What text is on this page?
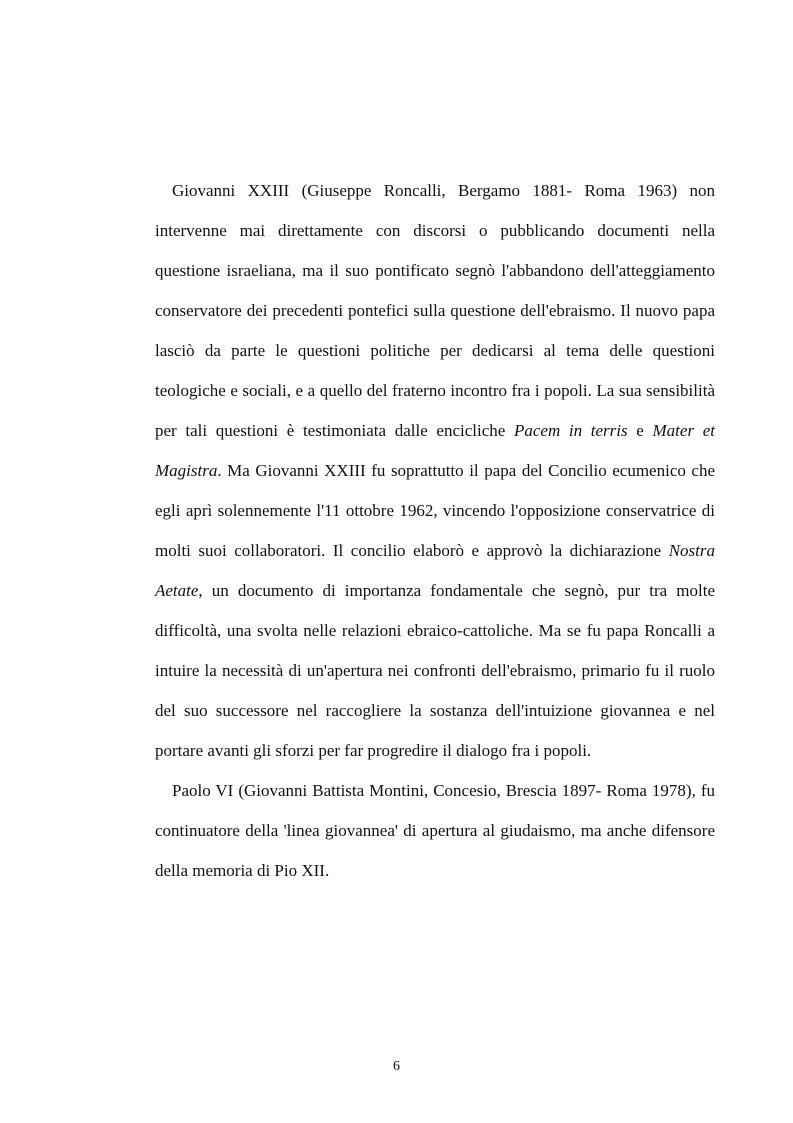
Giovanni XXIII (Giuseppe Roncalli, Bergamo 1881- Roma 1963) non intervenne mai direttamente con discorsi o pubblicando documenti nella questione israeliana, ma il suo pontificato segnò l'abbandono dell'atteggiamento conservatore dei precedenti pontefici sulla questione dell'ebraismo. Il nuovo papa lasciò da parte le questioni politiche per dedicarsi al tema delle questioni teologiche e sociali, e a quello del fraterno incontro fra i popoli. La sua sensibilità per tali questioni è testimoniata dalle encicliche Pacem in terris e Mater et Magistra. Ma Giovanni XXIII fu soprattutto il papa del Concilio ecumenico che egli aprì solennemente l'11 ottobre 1962, vincendo l'opposizione conservatrice di molti suoi collaboratori. Il concilio elaborò e approvò la dichiarazione Nostra Aetate, un documento di importanza fondamentale che segnò, pur tra molte difficoltà, una svolta nelle relazioni ebraico-cattoliche. Ma se fu papa Roncalli a intuire la necessità di un'apertura nei confronti dell'ebraismo, primario fu il ruolo del suo successore nel raccogliere la sostanza dell'intuizione giovannea e nel portare avanti gli sforzi per far progredire il dialogo fra i popoli.

Paolo VI (Giovanni Battista Montini, Concesio, Brescia 1897- Roma 1978), fu continuatore della 'linea giovannea' di apertura al giudaismo, ma anche difensore della memoria di Pio XII.

6
